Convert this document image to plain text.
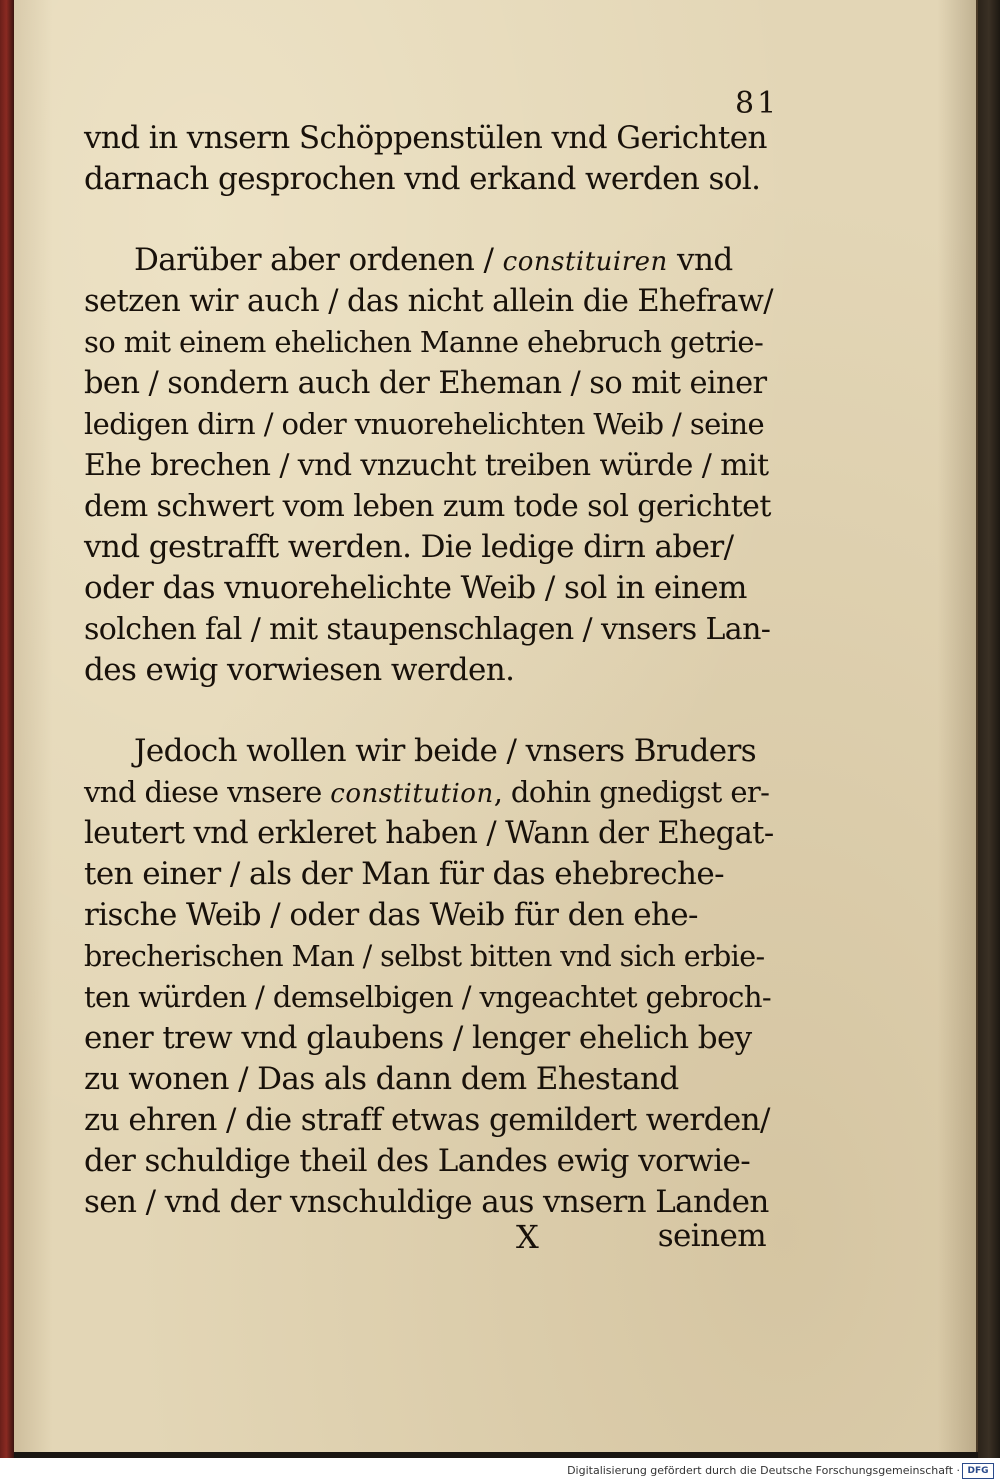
81
vnd in vnsern Schöppenstülen vnd Gerichten
darnach gesprochen vnd erkand werden sol.
Darüber aber ordenen / constituiren vnd
setzen wir auch / das nicht allein die Ehefraw/
so mit einem ehelichen Manne ehebruch getrie-
ben / sondern auch der Eheman / so mit einer
ledigen dirn / oder vnuorehelichten Weib / seine
Ehe brechen / vnd vnzucht treiben würde / mit
dem schwert vom leben zum tode sol gerichtet
vnd gestrafft werden. Die ledige dirn aber/
oder das vnuorehelichte Weib / sol in einem
solchen fal / mit staupenschlagen / vnsers Lan-
des ewig vorwiesen werden.
Jedoch wollen wir beide / vnsers Bruders
vnd diese vnsere constitution, dohin gnedigst er-
leutert vnd erkleret haben / Wann der Ehegat-
ten einer / als der Man für das ehebreche-
rische Weib / oder das Weib für den ehe-
brecherischen Man / selbst bitten vnd sich erbie-
ten würden / demselbigen / vngeachtet gebroch-
ener trew vnd glaubens / lenger ehelich bey
zu wonen / Das als dann dem Ehestand
zu ehren / die straff etwas gemildert werden/
der schuldige theil des Landes ewig vorwie-
sen / vnd der vnschuldige aus vnsern Landen
X	seinem
Digitalisierung gefördert durch die Deutsche Forschungsgemeinschaft · DFG
